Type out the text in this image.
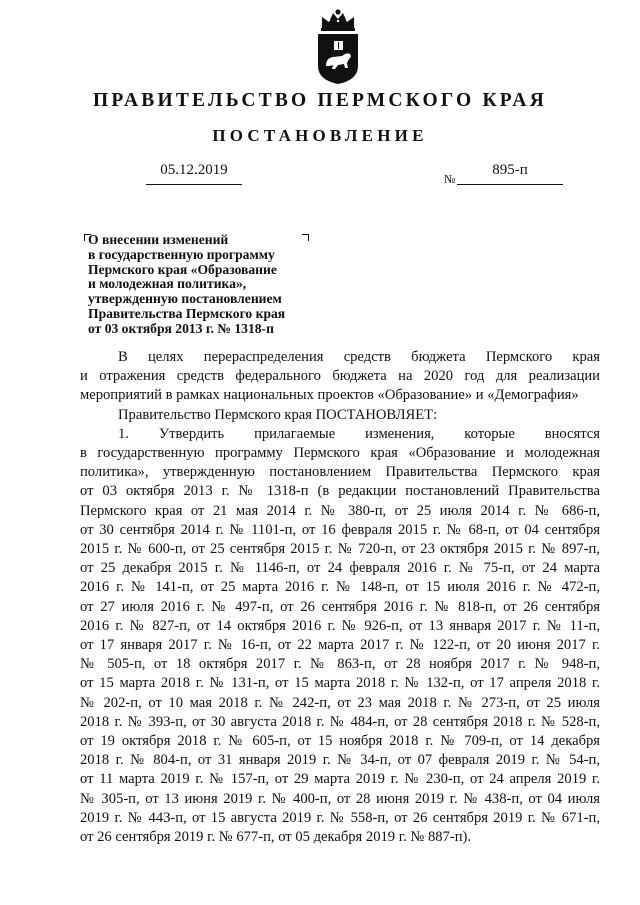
ПРАВИТЕЛЬСТВО ПЕРМСКОГО КРАЯ
ПОСТАНОВЛЕНИЕ
05.12.2019
№
895-п
О внесении изменений
в государственную программу
Пермского края «Образование
и молодежная политика»,
утвержденную постановлением
Правительства Пермского края
от 03 октября 2013 г. № 1318-п
В целях перераспределения средств бюджета Пермского края
и отражения средств федерального бюджета на 2020 год для реализации
мероприятий в рамках национальных проектов «Образование» и «Демография»
Правительство Пермского края ПОСТАНОВЛЯЕТ:
1. Утвердить прилагаемые изменения, которые вносятся
в государственную программу Пермского края «Образование и молодежная
политика», утвержденную постановлением Правительства Пермского края
от 03 октября 2013 г. № 1318-п (в редакции постановлений Правительства
Пермского края от 21 мая 2014 г. № 380-п, от 25 июля 2014 г. № 686-п,
от 30 сентября 2014 г. № 1101-п, от 16 февраля 2015 г. № 68-п, от 04 сентября
2015 г. № 600-п, от 25 сентября 2015 г. № 720-п, от 23 октября 2015 г. № 897-п,
от 25 декабря 2015 г. № 1146-п, от 24 февраля 2016 г. № 75-п, от 24 марта
2016 г. № 141-п, от 25 марта 2016 г. № 148-п, от 15 июля 2016 г. № 472-п,
от 27 июля 2016 г. № 497-п, от 26 сентября 2016 г. № 818-п, от 26 сентября
2016 г. № 827-п, от 14 октября 2016 г. № 926-п, от 13 января 2017 г. № 11-п,
от 17 января 2017 г. № 16-п, от 22 марта 2017 г. № 122-п, от 20 июня 2017 г.
№ 505-п, от 18 октября 2017 г. № 863-п, от 28 ноября 2017 г. № 948-п,
от 15 марта 2018 г. № 131-п, от 15 марта 2018 г. № 132-п, от 17 апреля 2018 г.
№ 202-п, от 10 мая 2018 г. № 242-п, от 23 мая 2018 г. № 273-п, от 25 июля
2018 г. № 393-п, от 30 августа 2018 г. № 484-п, от 28 сентября 2018 г. № 528-п,
от 19 октября 2018 г. № 605-п, от 15 ноября 2018 г. № 709-п, от 14 декабря
2018 г. № 804-п, от 31 января 2019 г. № 34-п, от 07 февраля 2019 г. № 54-п,
от 11 марта 2019 г. № 157-п, от 29 марта 2019 г. № 230-п, от 24 апреля 2019 г.
№ 305-п, от 13 июня 2019 г. № 400-п, от 28 июня 2019 г. № 438-п, от 04 июля
2019 г. № 443-п, от 15 августа 2019 г. № 558-п, от 26 сентября 2019 г. № 671-п,
от 26 сентября 2019 г. № 677-п, от 05 декабря 2019 г. № 887-п).
